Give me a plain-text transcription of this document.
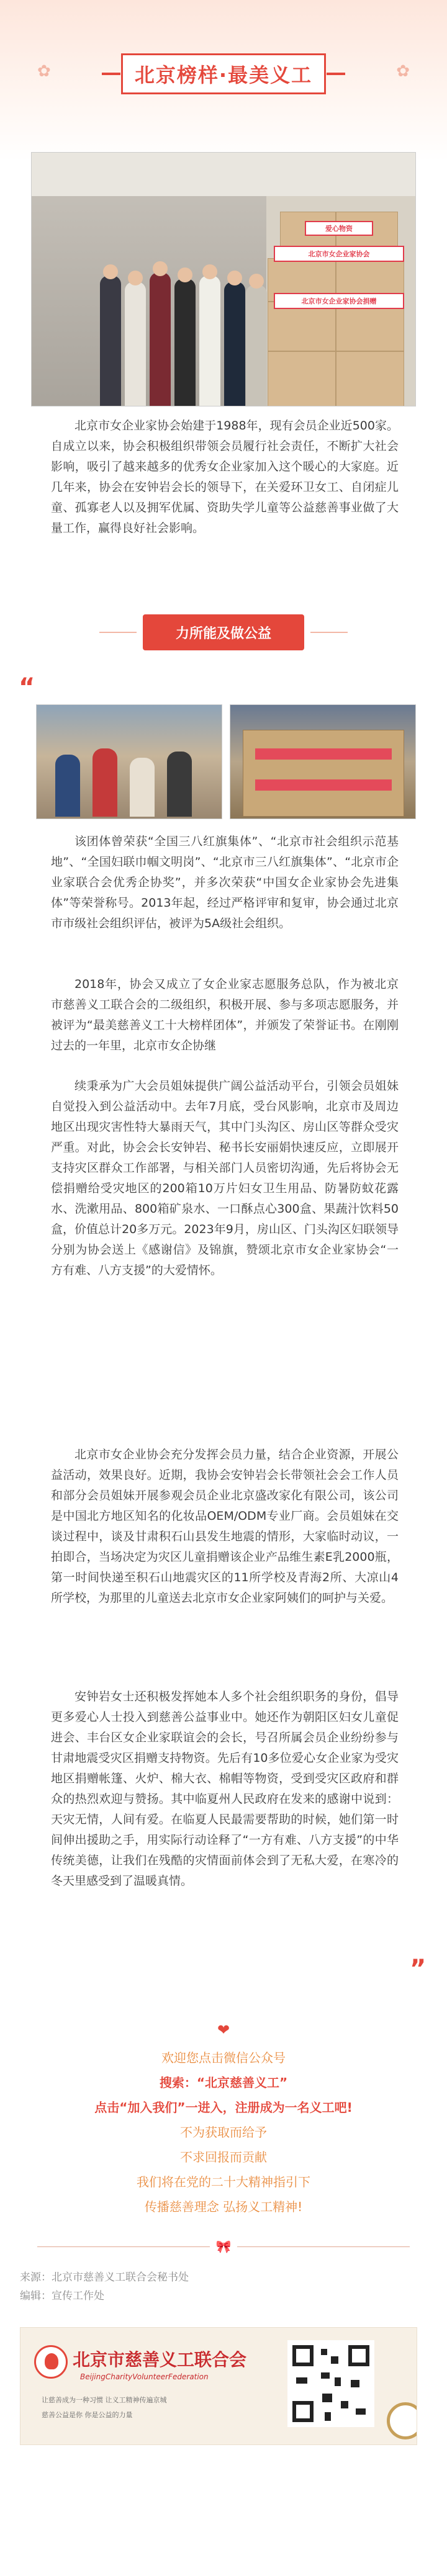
✿	✿
北京榜样·最美义工
北京市女企业家协会
北京市女企业家协会捐赠
爱心物资

北京市女企业家协会始建于1988年，现有会员企业近500家。自成立以来，协会积极组织带领会员履行社会责任，不断扩大社会影响，吸引了越来越多的优秀女企业家加入这个暖心的大家庭。近几年来，协会在安钟岩会长的领导下，在关爱环卫女工、自闭症儿童、孤寡老人以及拥军优属、资助失学儿童等公益慈善事业做了大量工作，赢得良好社会影响。

力所能及做公益
“

该团体曾荣获“全国三八红旗集体”、“北京市社会组织示范基地”、“全国妇联巾帼文明岗”、“北京市三八红旗集体”、“北京市企业家联合会优秀企协奖”，并多次荣获“中国女企业家协会先进集体”等荣誉称号。2013年起，经过严格评审和复审，协会通过北京市市级社会组织评估，被评为5A级社会组织。

2018年，协会又成立了女企业家志愿服务总队，作为被北京市慈善义工联合会的二级组织，积极开展、参与多项志愿服务，并被评为“最美慈善义工十大榜样团体”，并颁发了荣誉证书。在刚刚过去的一年里，北京市女企协继

续秉承为广大会员姐妹提供广阔公益活动平台，引领会员姐妹自觉投入到公益活动中。去年7月底，受台风影响，北京市及周边地区出现灾害性特大暴雨天气，其中门头沟区、房山区等群众受灾严重。对此，协会会长安钟岩、秘书长安丽娟快速反应，立即展开支持灾区群众工作部署，与相关部门人员密切沟通，先后将协会无偿捐赠给受灾地区的200箱10万片妇女卫生用品、防暑防蚊花露水、洗漱用品、800箱矿泉水、一口酥点心300盒、果蔬汁饮料50盒，价值总计20多万元。2023年9月，房山区、门头沟区妇联领导分别为协会送上《感谢信》及锦旗，赞颂北京市女企业家协会“一方有难、八方支援”的大爱情怀。

北京市女企业协会充分发挥会员力量，结合企业资源，开展公益活动，效果良好。近期，我协会安钟岩会长带领社会会工作人员和部分会员姐妹开展参观会员企业北京盛改家化有限公司，该公司是中国北方地区知名的化妆品OEM/ODM专业厂商。会员姐妹在交谈过程中，谈及甘肃积石山县发生地震的情形，大家临时动议，一拍即合，当场决定为灾区儿童捐赠该企业产品维生素E乳2000瓶，第一时间快递至积石山地震灾区的11所学校及青海2所、大凉山4所学校，为那里的儿童送去北京市女企业家阿姨们的呵护与关爱。

安钟岩女士还积极发挥她本人多个社会组织职务的身份，倡导更多爱心人士投入到慈善公益事业中。她还作为朝阳区妇女儿童促进会、丰台区女企业家联谊会的会长，号召所属会员企业纷纷参与甘肃地震受灾区捐赠支持物资。先后有10多位爱心女企业家为受灾地区捐赠帐篷、火炉、棉大衣、棉帽等物资，受到受灾区政府和群众的热烈欢迎与赞扬。其中临夏州人民政府在发来的感谢中说到：天灾无情，人间有爱。在临夏人民最需要帮助的时候，她们第一时间伸出援助之手，用实际行动诠释了“一方有难、八方支援”的中华传统美德，让我们在残酷的灾情面前体会到了无私大爱，在寒冷的冬天里感受到了温暖真情。

”
❤
欢迎您点击微信公众号
搜索：“北京慈善义工”
点击“加入我们”一进入，注册成为一名义工吧!
不为获取而给予
不求回报而贡献
我们将在党的二十大精神指引下
传播慈善理念 弘扬义工精神!
🎀
来源：北京市慈善义工联合会秘书处
编辑：宣传工作处
北京市慈善义工联合会
BeijingCharityVolunteerFederation
让慈善成为一种习惯 让义工精神传遍京城
慈善公益是你 你是公益的力量
